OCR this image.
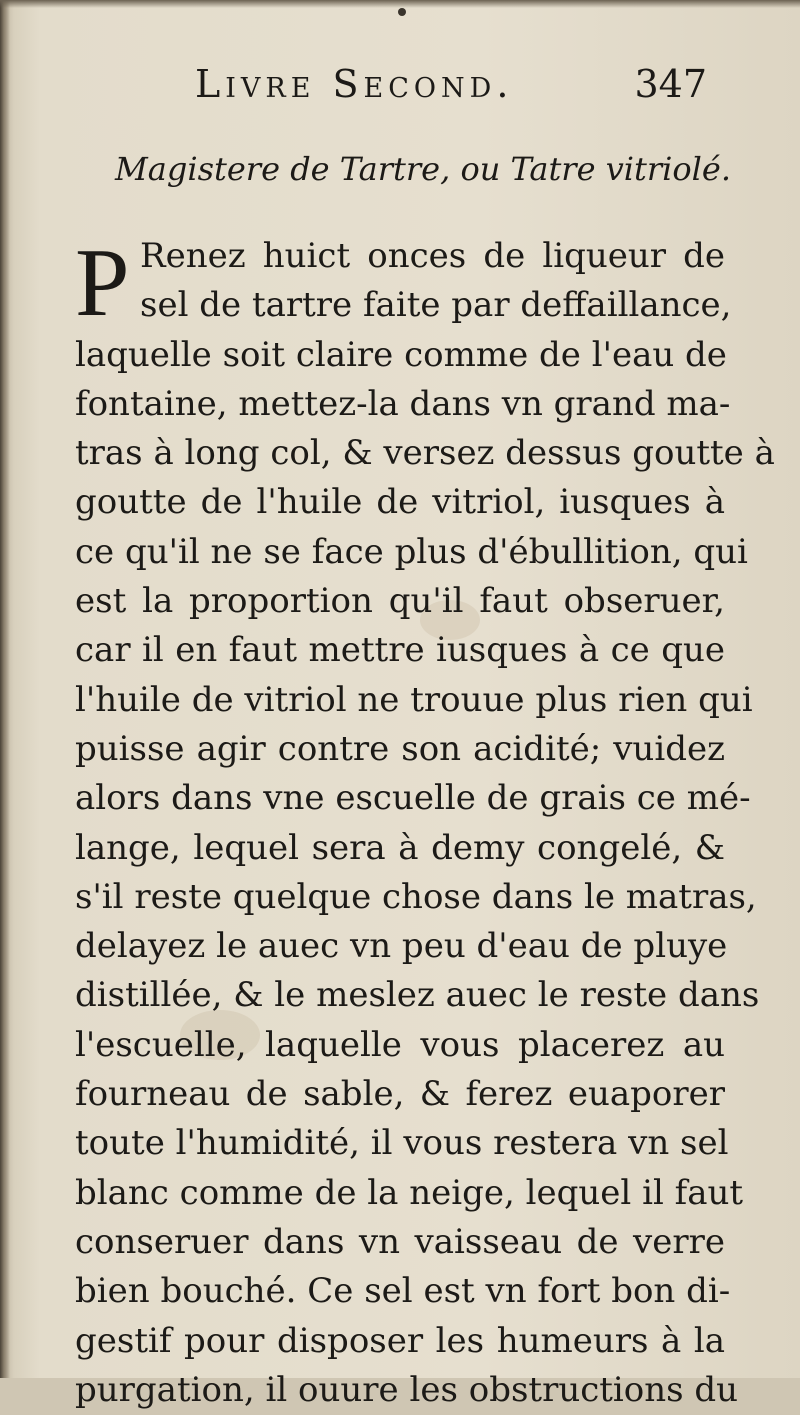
Livre Second.	347
Magistere de Tartre, ou Tatre vitriolé.
P Renez huict onces de liqueur de
sel de tartre faite par deffaillance,
laquelle soit claire comme de l'eau de
fontaine, mettez-la dans vn grand ma-
tras à long col, & versez dessus goutte à
goutte de l'huile de vitriol, iusques à
ce qu'il ne se face plus d'ébullition, qui
est la proportion qu'il faut obseruer,
car il en faut mettre iusques à ce que
l'huile de vitriol ne trouue plus rien qui
puisse agir contre son acidité; vuidez
alors dans vne escuelle de grais ce mé-
lange, lequel sera à demy congelé, &
s'il reste quelque chose dans le matras,
delayez le auec vn peu d'eau de pluye
distillée, & le meslez auec le reste dans
l'escuelle, laquelle vous placerez au
fourneau de sable, & ferez euaporer
toute l'humidité, il vous restera vn sel
blanc comme de la neige, lequel il faut
conseruer dans vn vaisseau de verre
bien bouché. Ce sel est vn fort bon di-
gestif pour disposer les humeurs à la
purgation, il ouure les obstructions du
